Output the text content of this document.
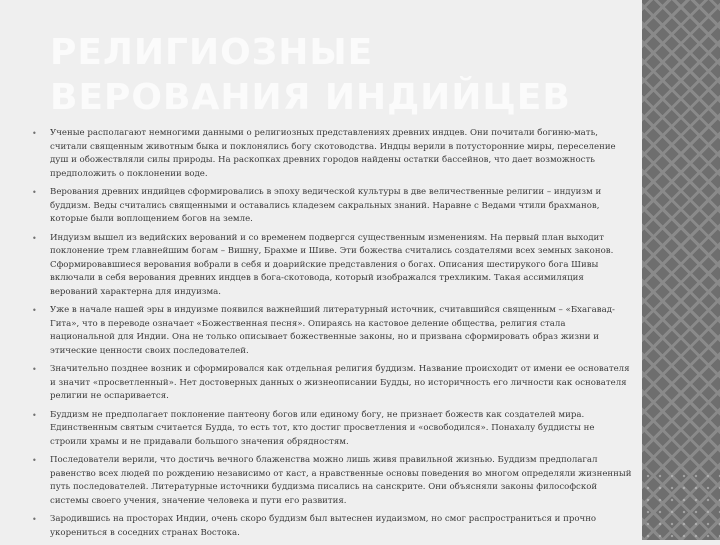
РЕЛИГИОЗНЫЕ ВЕРОВАНИЯ ИНДИЙЦЕВ
• Ученые располагают немногими данными о религиозных представлениях древних индцев. Они почитали богиню-мать, считали священным животным быка и поклонялись богу скотоводства. Индцы верили в потусторонние миры, переселение душ и обожествляли силы природы. На раскопках древних городов найдены остатки бассейнов, что дает возможность предположить о поклонении воде.
• Верования древних индийцев сформировались в эпоху ведической культуры в две величественные религии – индуизм и буддизм. Веды считались священными и оставались кладезем сакральных знаний. Наравне с Ведами чтили брахманов, которые были воплощением богов на земле.
• Индуизм вышел из ведийских верований и со временем подвергся существенным изменениям. На первый план выходит поклонение трем главнейшим богам – Вишну, Брахме и Шиве. Эти божества считались создателями всех земных законов. Сформировавшиеся верования вобрали в себя и доарийские представления о богах. Описания шестирукого бога Шивы включали в себя верования древних индцев в бога-скотовода, который изображался трехликим. Такая ассимиляция верований характерна для индуизма.
• Уже в начале нашей эры в индуизме появился важнейший литературный источник, считавшийся священным – «Бхагавад-Гита», что в переводе означает «Божественная песня». Опираясь на кастовое деление общества, религия стала национальной для Индии. Она не только описывает божественные законы, но и призвана сформировать образ жизни и этические ценности своих последователей.
• Значительно позднее возник и сформировался как отдельная религия буддизм. Название происходит от имени ее основателя и значит «просветленный». Нет достоверных данных о жизнеописании Будды, но историчность его личности как основателя религии не оспаривается.
• Буддизм не предполагает поклонение пантеону богов или единому богу, не признает божеств как создателей мира. Единственным святым считается Будда, то есть тот, кто достиг просветления и «освободился». Понахалу буддисты не строили храмы и не придавали большого значения обрядностям.
• Последователи верили, что достичь вечного блаженства можно лишь живя правильной жизнью. Буддизм предполагал равенство всех людей по рождению независимо от каст, а нравственные основы поведения во многом определяли жизненный путь последователей. Литературные источники буддизма писались на санскрите. Они объясняли законы философской системы своего учения, значение человека и пути его развития.
• Зародившись на просторах Индии, очень скоро буддизм был вытеснен иудаизмом, но смог распространиться и прочно укорениться в соседних странах Востока.
